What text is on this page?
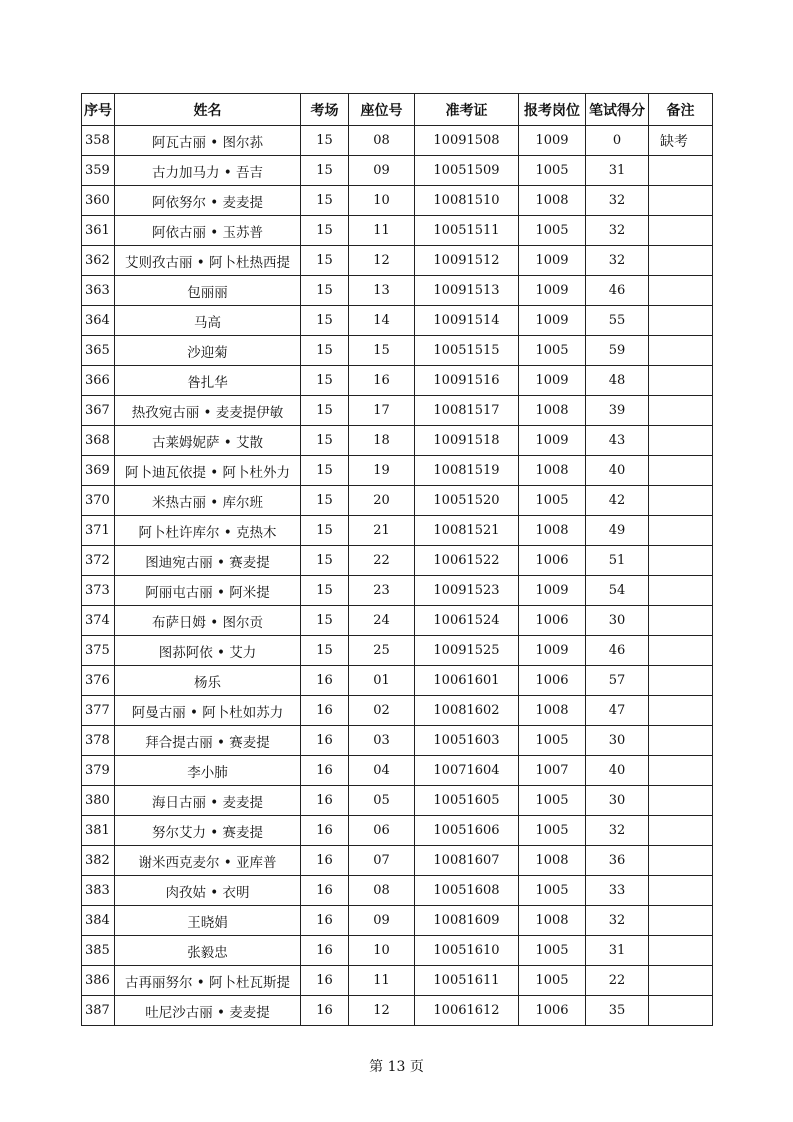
序号	姓名	考场	座位号	准考证	报考岗位	笔试得分	备注
358	阿瓦古丽 • 图尔荪	15	08	10091508	1009	0	缺考
359	古力加马力 • 吾吉	15	09	10051509	1005	31	
360	阿依努尔 • 麦麦提	15	10	10081510	1008	32	
361	阿依古丽 • 玉苏普	15	11	10051511	1005	32	
362	艾则孜古丽 • 阿卜杜热西提	15	12	10091512	1009	32	
363	包丽丽	15	13	10091513	1009	46	
364	马高	15	14	10091514	1009	55	
365	沙迎菊	15	15	10051515	1005	59	
366	昝扎华	15	16	10091516	1009	48	
367	热孜宛古丽 • 麦麦提伊敏	15	17	10081517	1008	39	
368	古莱姆妮萨 • 艾散	15	18	10091518	1009	43	
369	阿卜迪瓦依提 • 阿卜杜外力	15	19	10081519	1008	40	
370	米热古丽 • 库尔班	15	20	10051520	1005	42	
371	阿卜杜许库尔 • 克热木	15	21	10081521	1008	49	
372	图迪宛古丽 • 赛麦提	15	22	10061522	1006	51	
373	阿丽屯古丽 • 阿米提	15	23	10091523	1009	54	
374	布萨日姆 • 图尔贡	15	24	10061524	1006	30	
375	图荪阿依 • 艾力	15	25	10091525	1009	46	
376	杨乐	16	01	10061601	1006	57	
377	阿曼古丽 • 阿卜杜如苏力	16	02	10081602	1008	47	
378	拜合提古丽 • 赛麦提	16	03	10051603	1005	30	
379	李小肺	16	04	10071604	1007	40	
380	海日古丽 • 麦麦提	16	05	10051605	1005	30	
381	努尔艾力 • 赛麦提	16	06	10051606	1005	32	
382	谢米西克麦尔 • 亚库普	16	07	10081607	1008	36	
383	肉孜姑 • 衣明	16	08	10051608	1005	33	
384	王晓娟	16	09	10081609	1008	32	
385	张毅忠	16	10	10051610	1005	31	
386	古再丽努尔 • 阿卜杜瓦斯提	16	11	10051611	1005	22	
387	吐尼沙古丽 • 麦麦提	16	12	10061612	1006	35	
第 13 页
